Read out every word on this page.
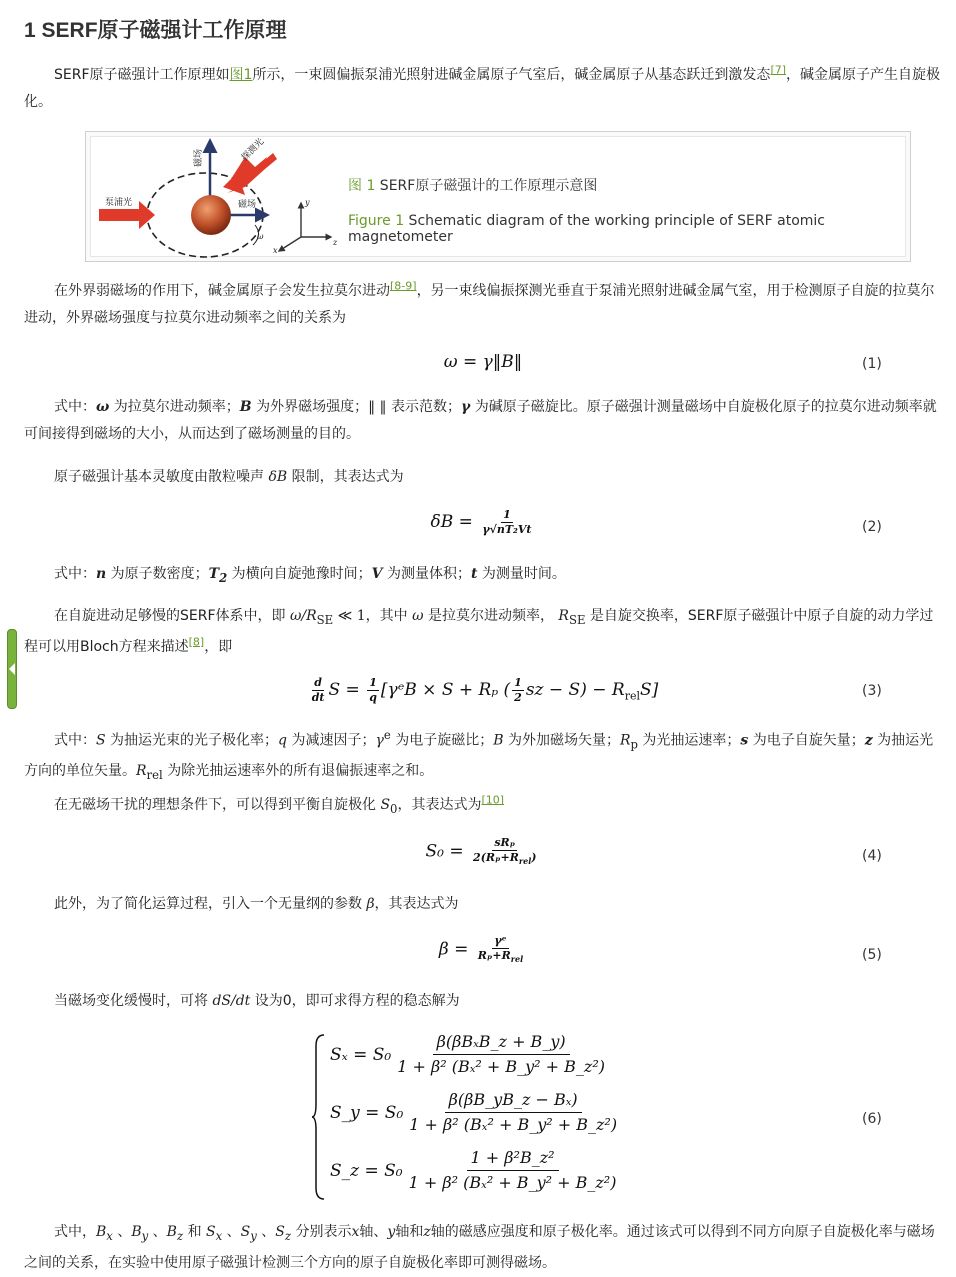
1 SERF原子磁强计工作原理

SERF原子磁强计工作原理如图1所示，一束圆偏振泵浦光照射进碱金属原子气室后，碱金属原子从基态跃迁到激发态[7]，碱金属原子产生自旋极化。

磁场
磁场
探测光
泵浦光
ω
y
x
z
图 1 SERF原子磁强计的工作原理示意图
Figure 1 Schematic diagram of the working principle of SERF atomic magnetometer

在外界弱磁场的作用下，碱金属原子会发生拉莫尔进动[8-9]，另一束线偏振探测光垂直于泵浦光照射进碱金属气室，用于检测原子自旋的拉莫尔进动，外界磁场强度与拉莫尔进动频率之间的关系为

ω = γ‖B‖	(1)

式中：ω 为拉莫尔进动频率；B 为外界磁场强度；‖ ‖ 表示范数；γ 为碱原子磁旋比。原子磁强计测量磁场中自旋极化原子的拉莫尔进动频率就可间接得到磁场的大小，从而达到了磁场测量的目的。

原子磁强计基本灵敏度由散粒噪声 δB 限制，其表达式为

$\delta B = \frac{1}{\text{γ√nT₂Vt}}$	(2)

式中：n 为原子数密度；$T_2$ 为横向自旋弛豫时间；V 为测量体积；t 为测量时间。

在自旋进动足够慢的SERF体系中，即 $\omega/R_{SE}$ ≪ 1，其中 ω 是拉莫尔进动频率， $R_{SE}$ 是自旋交换率，SERF原子磁强计中原子自旋的动力学过程可以用Bloch方程来描述[8]，即

$\frac{d}{dt}$ $S = \frac{1}{q}$ [γᵉB × S + Rₚ ( $\frac{1}{2}$ sz − $S) - R_{rel}S$]	(3)

式中：S 为抽运光束的光子极化率；q 为减速因子；$\gamma^e$ 为电子旋磁比；B 为外加磁场矢量；$R_p$ 为光抽运速率；s 为电子自旋矢量；z 为抽运光方向的单位矢量。$R_{rel}$ 为除光抽运速率外的所有退偏振速率之和。

在无磁场干扰的理想条件下，可以得到平衡自旋极化 $S_0$，其表达式为[10]

$S_0 = \frac{\text{sRₚ}}{2(R_p+R_{rel})}$	(4)

此外，为了简化运算过程，引入一个无量纲的参数 β，其表达式为

$\beta = \frac{\text{γᵉ}}{R_p+R_{rel}}$	(5)

当磁场变化缓慢时，可将 dS/dt 设为0，即可求得方程的稳态解为

$S_x = S_0 \frac{\text{β(βBₓB\_z + B\_y)}}{\text{1 + β² (Bₓ² + B\_y² + B\_z²)}}$
S_y = $S_0 \frac{\text{β(βB\_yB\_z − Bₓ)}}{\text{1 + β² (Bₓ² + B\_y² + B\_z²)}}$
S_z = $S_0 \frac{\text{1 + β²B\_z²}}{\text{1 + β² (Bₓ² + B\_y² + B\_z²)}}$
(6)

式中，$B_x$ 、$B_y$ 、$B_z$ 和 $S_x$ 、$S_y$ 、$S_z$ 分别表示x轴、y轴和z轴的磁感应强度和原子极化率。通过该式可以得到不同方向原子自旋极化率与磁场之间的关系，在实验中使用原子磁强计检测三个方向的原子自旋极化率即可测得磁场。
